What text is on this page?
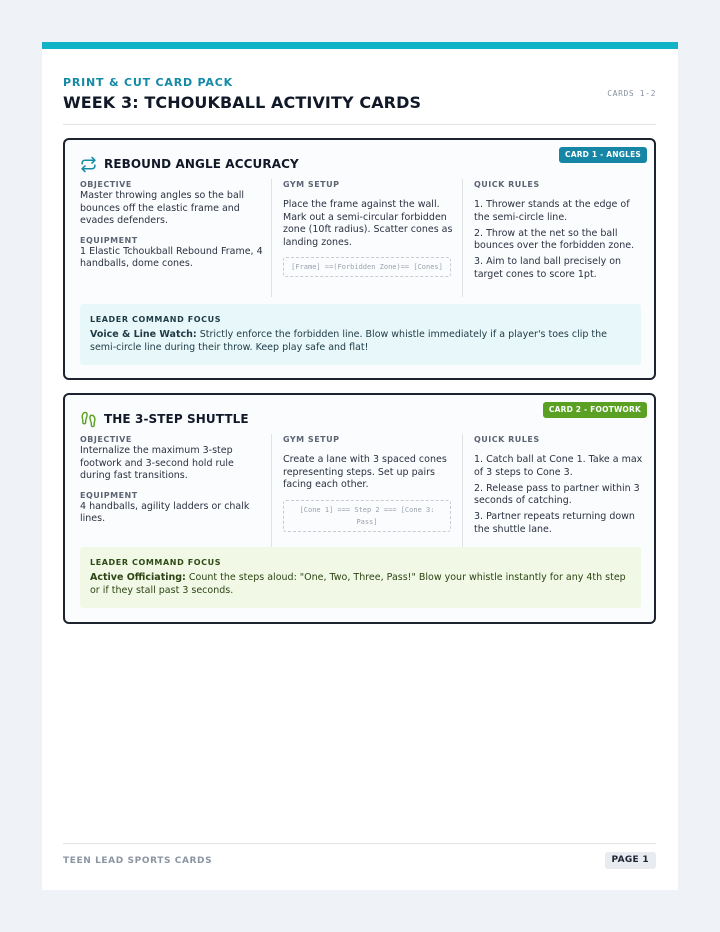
PRINT & CUT CARD PACK
WEEK 3: TCHOUKBALL ACTIVITY CARDS	CARDS 1-2
CARD 1 - ANGLES
REBOUND ANGLE ACCURACY
OBJECTIVE
Master throwing angles so the ball bounces off the elastic frame and evades defenders.
EQUIPMENT
1 Elastic Tchoukball Rebound Frame, 4 handballs, dome cones.
GYM SETUP
Place the frame against the wall. Mark out a semi-circular forbidden zone (10ft radius). Scatter cones as landing zones.
[Frame] ==(Forbidden Zone)== [Cones]
QUICK RULES
1. Thrower stands at the edge of the semi-circle line.
2. Throw at the net so the ball bounces over the forbidden zone.
3. Aim to land ball precisely on target cones to score 1pt.
LEADER COMMAND FOCUS
Voice & Line Watch: Strictly enforce the forbidden line. Blow whistle immediately if a player's toes clip the semi-circle line during their throw. Keep play safe and flat!
CARD 2 - FOOTWORK
THE 3-STEP SHUTTLE
OBJECTIVE
Internalize the maximum 3-step footwork and 3-second hold rule during fast transitions.
EQUIPMENT
4 handballs, agility ladders or chalk lines.
GYM SETUP
Create a lane with 3 spaced cones representing steps. Set up pairs facing each other.
[Cone 1] === Step 2 === [Cone 3: Pass]
QUICK RULES
1. Catch ball at Cone 1. Take a max of 3 steps to Cone 3.
2. Release pass to partner within 3 seconds of catching.
3. Partner repeats returning down the shuttle lane.
LEADER COMMAND FOCUS
Active Officiating: Count the steps aloud: "One, Two, Three, Pass!" Blow your whistle instantly for any 4th step or if they stall past 3 seconds.
TEEN LEAD SPORTS CARDS	PAGE 1
